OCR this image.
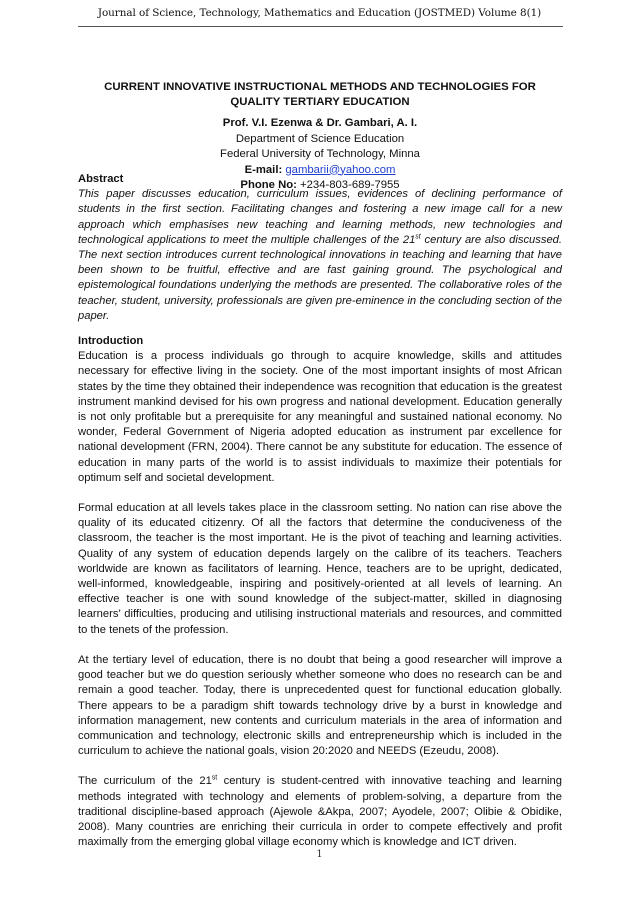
Journal of Science, Technology, Mathematics and Education (JOSTMED) Volume 8(1)
CURRENT INNOVATIVE INSTRUCTIONAL METHODS AND TECHNOLOGIES FOR
QUALITY TERTIARY EDUCATION
Prof. V.I. Ezenwa & Dr. Gambari, A. I.
Department of Science Education
Federal University of Technology, Minna
E-mail: gambarii@yahoo.com
Phone No: +234-803-689-7955

Abstract

This paper discusses education, curriculum issues, evidences of declining performance of students in the first section. Facilitating changes and fostering a new image call for a new approach which emphasises new teaching and learning methods, new technologies and technological applications to meet the multiple challenges of the 21st century are also discussed. The next section introduces current technological innovations in teaching and learning that have been shown to be fruitful, effective and are fast gaining ground. The psychological and epistemological foundations underlying the methods are presented. The collaborative roles of the teacher, student, university, professionals are given pre-eminence in the concluding section of the paper.

Introduction

Education is a process individuals go through to acquire knowledge, skills and attitudes necessary for effective living in the society. One of the most important insights of most African states by the time they obtained their independence was recognition that education is the greatest instrument mankind devised for his own progress and national development. Education generally is not only profitable but a prerequisite for any meaningful and sustained national economy. No wonder, Federal Government of Nigeria adopted education as instrument par excellence for national development (FRN, 2004). There cannot be any substitute for education. The essence of education in many parts of the world is to assist individuals to maximize their potentials for optimum self and societal development.

Formal education at all levels takes place in the classroom setting. No nation can rise above the quality of its educated citizenry. Of all the factors that determine the conduciveness of the classroom, the teacher is the most important. He is the pivot of teaching and learning activities. Quality of any system of education depends largely on the calibre of its teachers. Teachers worldwide are known as facilitators of learning. Hence, teachers are to be upright, dedicated, well-informed, knowledgeable, inspiring and positively-oriented at all levels of learning. An effective teacher is one with sound knowledge of the subject-matter, skilled in diagnosing learners’ difficulties, producing and utilising instructional materials and resources, and committed to the tenets of the profession.

At the tertiary level of education, there is no doubt that being a good researcher will improve a good teacher but we do question seriously whether someone who does no research can be and remain a good teacher. Today, there is unprecedented quest for functional education globally. There appears to be a paradigm shift towards technology drive by a burst in knowledge and information management, new contents and curriculum materials in the area of information and communication and technology, electronic skills and entrepreneurship which is included in the curriculum to achieve the national goals, vision 20:2020 and NEEDS (Ezeudu, 2008).

The curriculum of the 21st century is student-centred with innovative teaching and learning methods integrated with technology and elements of problem-solving, a departure from the traditional discipline-based approach (Ajewole &Akpa, 2007; Ayodele, 2007; Olibie & Obidike, 2008). Many countries are enriching their curricula in order to compete effectively and profit maximally from the emerging global village economy which is knowledge and ICT driven.

1
